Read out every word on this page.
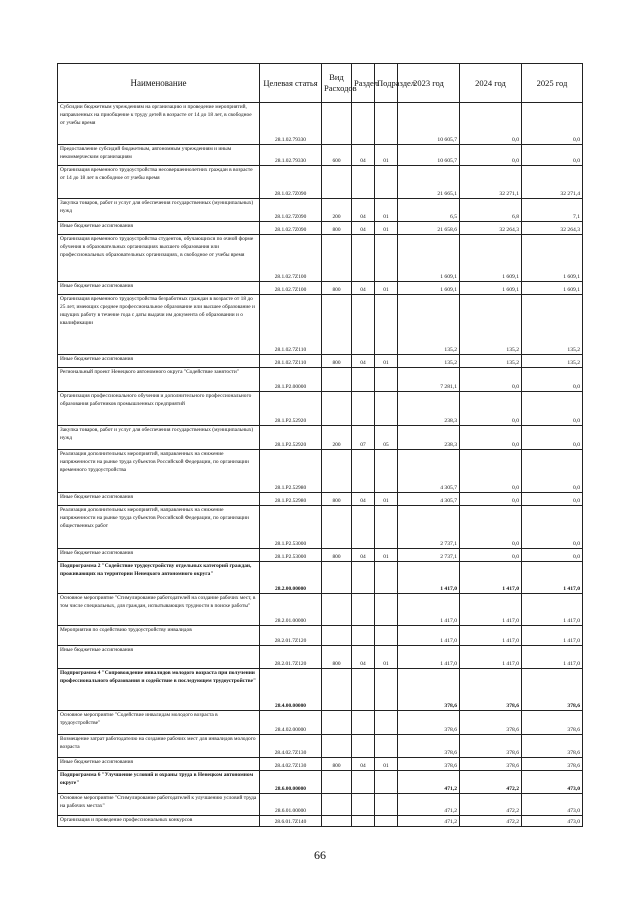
Наименование	Целевая статья	Вид Расходов	Раздел	Подраздел	2023 год	2024 год	2025 год
Субсидии бюджетным учреждениям на организацию и проведение мероприятий, направленных на приобщение к труду детей в возрасте от 14 до 18 лет, в свободное от учебы время	28.1.02.79330				10 605,7	0,0	0,0
Предоставление субсидий бюджетным, автономным учреждениям и иным некоммерческим организациям	28.1.02.79330	600	04	01	10 605,7	0,0	0,0
Организация временного трудоустройства несовершеннолетних граждан в возрасте от 14 до 18 лет в свободное от учебы время	28.1.02.7Z090				21 665,1	32 271,1	32 271,4
Закупка товаров, работ и услуг для обеспечения государственных (муниципальных) нужд	28.1.02.7Z090	200	04	01	6,5	6,8	7,1
Иные бюджетные ассигнования	28.1.02.7Z090	800	04	01	21 658,6	32 264,3	32 264,3
Организация временного трудоустройства студентов, обучающихся по очной форме обучения в образовательных организациях высшего образования или профессиональных образовательных организациях, в свободное от учебы время	28.1.02.7Z100				1 609,1	1 609,1	1 609,1
Иные бюджетные ассигнования	28.1.02.7Z100	800	04	01	1 609,1	1 609,1	1 609,1
Организация временного трудоустройства безработных граждан в возрасте от 18 до 25 лет, имеющих среднее профессиональное образование или высшее образование и ищущих работу в течение года с даты выдачи им документа об образовании и о квалификации	28.1.02.7Z110				135,2	135,2	135,2
Иные бюджетные ассигнования	28.1.02.7Z110	800	04	01	135,2	135,2	135,2
Региональный проект Ненецкого автономного округа "Содействие занятости"	28.1.P2.00000				7 281,1	0,0	0,0
Организация профессионального обучения и дополнительного профессионального образования работников промышленных предприятий	28.1.P2.52920				238,3	0,0	0,0
Закупка товаров, работ и услуг для обеспечения государственных (муниципальных) нужд	28.1.P2.52920	200	07	05	238,3	0,0	0,0
Реализация дополнительных мероприятий, направленных на снижение напряженности на рынке труда субъектов Российской Федерации, по организации временного трудоустройства	28.1.P2.52980				4 305,7	0,0	0,0
Иные бюджетные ассигнования	28.1.P2.52980	800	04	01	4 305,7	0,0	0,0
Реализация дополнительных мероприятий, направленных на снижение напряженности на рынке труда субъектов Российской Федерации, по организации общественных работ	28.1.P2.53000				2 737,1	0,0	0,0
Иные бюджетные ассигнования	28.1.P2.53000	800	04	01	2 737,1	0,0	0,0
Подпрограмма 2 "Содействие трудоустройству отдельных категорий граждан, проживающих на территории Ненецкого автономного округа"	28.2.00.00000				1 417,0	1 417,0	1 417,0
Основное мероприятие "Стимулирование работодателей на создание рабочих мест, в том числе специальных, для граждан, испытывающих трудности в поиске работы"	28.2.01.00000				1 417,0	1 417,0	1 417,0
Мероприятия по содействию трудоустройству инвалидов	28.2.01.7Z120				1 417,0	1 417,0	1 417,0
Иные бюджетные ассигнования	28.2.01.7Z120	800	04	01	1 417,0	1 417,0	1 417,0
Подпрограмма 4 "Сопровождение инвалидов молодого возраста при получении профессионального образования и содействие в последующем трудоустройстве"	28.4.00.00000				378,6	378,6	378,6
Основное мероприятие "Содействие инвалидам молодого возраста в трудоустройстве"	28.4.02.00000				378,6	378,6	378,6
Возмещение затрат работодателю на создание рабочих мест для инвалидов молодого возраста	28.4.02.7Z130				378,6	378,6	378,6
Иные бюджетные ассигнования	28.4.02.7Z130	800	04	01	378,6	378,6	378,6
Подпрограмма 6 "Улучшение условий и охраны труда в Ненецком автономном округе"	28.6.00.00000				471,2	472,2	473,0
Основное мероприятие "Стимулирование работодателей к улучшению условий труда на рабочих местах"	28.6.01.00000				471,2	472,2	473,0
Организация и проведение профессиональных конкурсов	28.6.01.7Z140				471,2	472,2	473,0
66
